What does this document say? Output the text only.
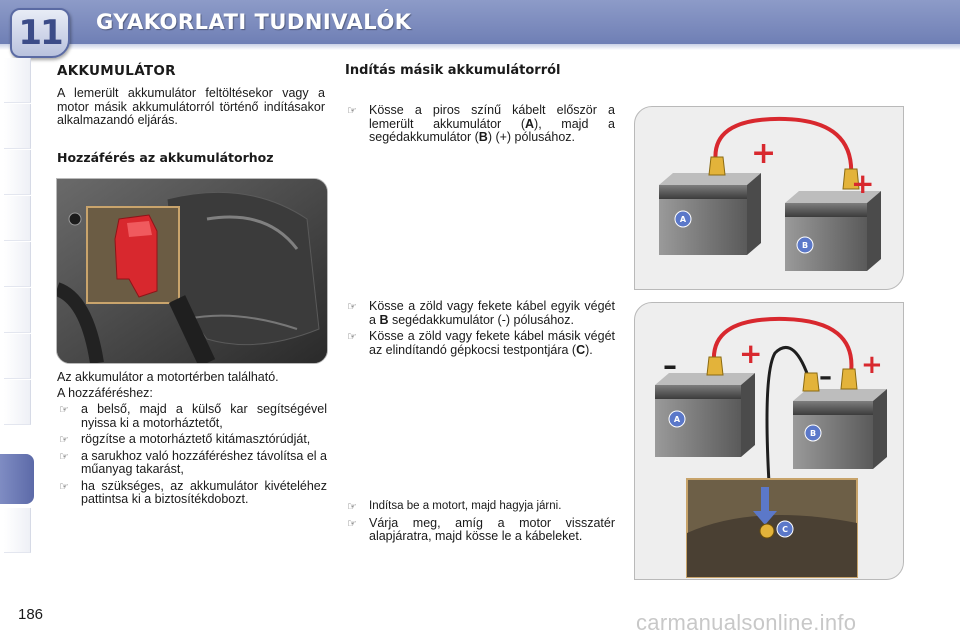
11 GYAKORLATI TUDNIVALÓK
AKKUMULÁTOR
A lemerült akkumulátor feltöltésekor vagy a motor másik akkumulátorról történő indításakor alkalmazandó eljárás.
Hozzáférés az akkumulátorhoz
Az akkumulátor a motortérben található.
A hozzáféréshez:
☞ a belső, majd a külső kar segítségével nyissa ki a motorháztetőt,
☞ rögzítse a motorháztető kitámasztórúdját,
☞ a sarukhoz való hozzáféréshez távolítsa el a műanyag takarást,
☞ ha szükséges, az akkumulátor kivételéhez pattintsa ki a biztosítékdobozt.
Indítás másik akkumulátorról
☞ Kösse a piros színű kábelt először a lemerült akkumulátor (A), majd a segédakkumulátor (B) (+) pólusához.
☞ Kösse a zöld vagy fekete kábel egyik végét a B segédakkumulátor (-) pólusához.
☞ Kösse a zöld vagy fekete kábel másik végét az elindítandó gépkocsi testpontjára (C).
☞ Indítsa be a motort, majd hagyja járni.
☞ Várja meg, amíg a motor visszatér alapjáratra, majd kösse le a kábeleket.
A
B
+
+
A
B
+	+
–	–
C
186	carmanualsonline.info
